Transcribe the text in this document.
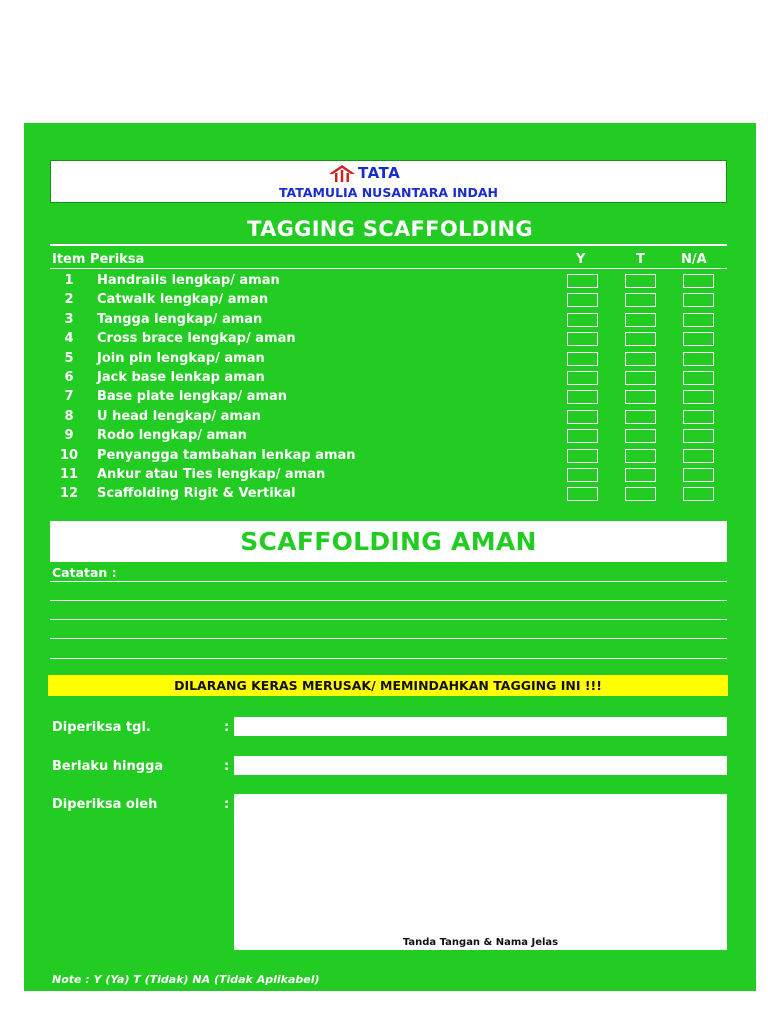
TATA
TATAMULIA NUSANTARA INDAH
TAGGING SCAFFOLDING
Item Periksa	Y	T	N/A
1	Handrails lengkap/ aman
2	Catwalk lengkap/ aman
3	Tangga lengkap/ aman
4	Cross brace lengkap/ aman
5	Join pin lengkap/ aman
6	Jack base lenkap aman
7	Base plate lengkap/ aman
8	U head lengkap/ aman
9	Rodo lengkap/ aman
10 Penyangga tambahan lenkap aman
11 Ankur atau Ties lengkap/ aman
12 Scaffolding Rigit & Vertikal
SCAFFOLDING AMAN
Catatan :
DILARANG KERAS MERUSAK/ MEMINDAHKAN TAGGING INI !!!
Diperiksa tgl.	:
Berlaku hingga	:
Diperiksa oleh	:
Tanda Tangan & Nama Jelas
Note : Y (Ya) T (Tidak) NA (Tidak Aplikabel)
